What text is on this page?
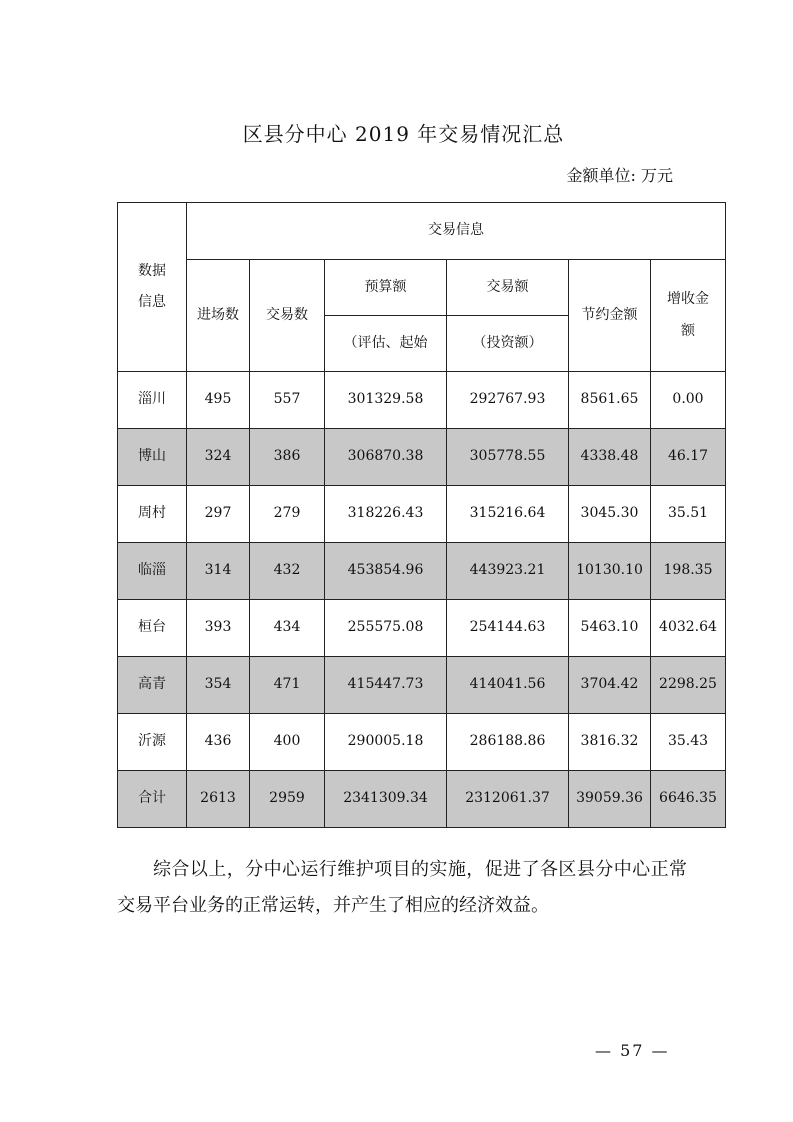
区县分中心 2019 年交易情况汇总
金额单位: 万元
数据
信息	交易信息					
	进场数	交易数	预算额	交易额	节约金额	增收金
额

			（评估、起始	（投资额）		
淄川	495	557	301329.58	292767.93	8561.65	0.00
博山	324	386	306870.38	305778.55	4338.48	46.17
周村	297	279	318226.43	315216.64	3045.30	35.51
临淄	314	432	453854.96	443923.21	10130.10	198.35
桓台	393	434	255575.08	254144.63	5463.10	4032.64
高青	354	471	415447.73	414041.56	3704.42	2298.25
沂源	436	400	290005.18	286188.86	3816.32	35.43
合计	2613	2959	2341309.34	2312061.37	39059.36	6646.35

综合以上，分中心运行维护项目的实施，促进了各区县分中心正常交易平台业务的正常运转，并产生了相应的经济效益。

— 57 —
